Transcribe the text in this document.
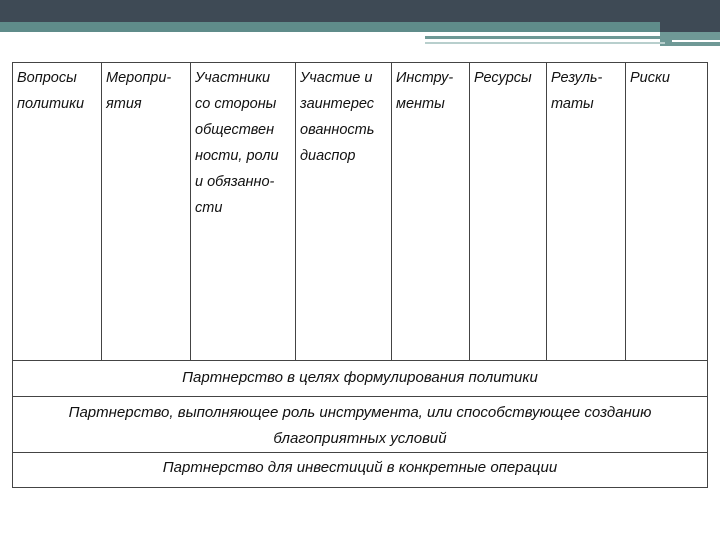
Вопросы
политики
Меропри-
ятия
Участники
со стороны
обществен
ности, роли
и обязанно-
сти
Участие и
заинтерес
ованность
диаспор
Инстру-
менты
Ресурсы	Резуль-
таты
Риски
Партнерство в целях формулирования политики
Партнерство, выполняющее роль инструмента, или способствующее созданию благоприятных условий
Партнерство для инвестиций в конкретные операции
